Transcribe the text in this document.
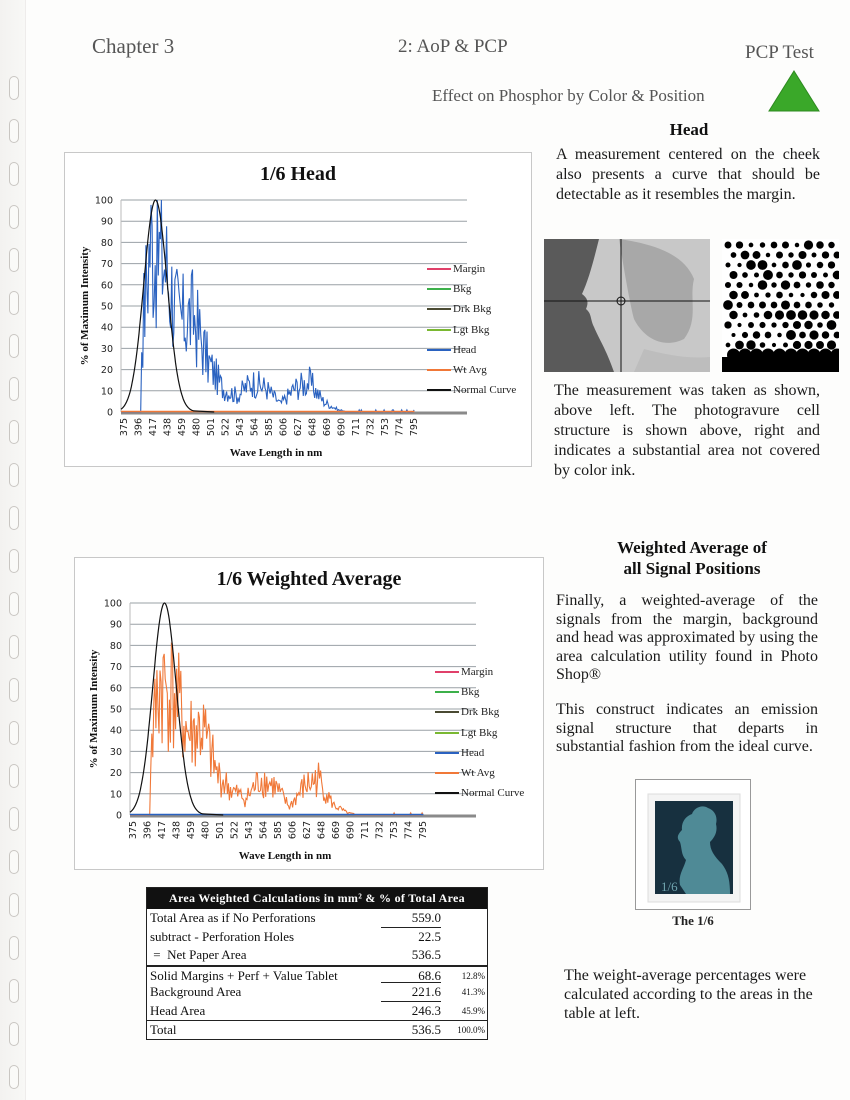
Chapter 3	2: AoP & PCP	PCP Test
Effect on Phosphor by Color & Position
1/6 Head
0
10
20
30
40
50
60
70
80
90
100
375 396 417 438 459 480 501 522 543 564 585 606 627 648 669 690 711 732 753 774 795
Wave Length in nm
% of Maximum Intensity	Margin
Bkg
Drk Bkg
Lgt Bkg
Head
Wt Avg
Normal Curve
1/6 Weighted Average
0
10
20
30
40
50
60
70
80
90
100
375 396 417 438 459 480 501 522 543 564 585 606 627 648 669 690 711 732 753 774 795
Wave Length in nm
% of Maximum Intensity	Margin
Bkg
Drk Bkg
Lgt Bkg
Head
Wt Avg
Normal Curve
Head
A measurement centered on the cheek also presents a curve that should be detectable as it resembles the margin.
The measurement was taken as shown, above left. The photogravure cell structure is shown above, right and indicates a substantial area not covered by color ink.
Weighted Average of
all Signal Positions
Finally, a weighted-average of the signals from the margin, background and head was approximated by using the area calculation utility found in Photo Shop®
This construct indicates an emission signal structure that departs in substantial fashion from the ideal curve.
1/6
The 1/6
The weight-average percentages were calculated according to the areas in the table at left.
Area Weighted Calculations in mm² & % of Total Area
Total Area as if No Perforations	559.0
subtract - Perforation Holes	22.5
=  Net Paper Area	536.5
Solid Margins + Perf + Value Tablet	68.6	12.8%
Background Area	221.6	41.3%
Head Area	246.3	45.9%
Total	536.5	100.0%
